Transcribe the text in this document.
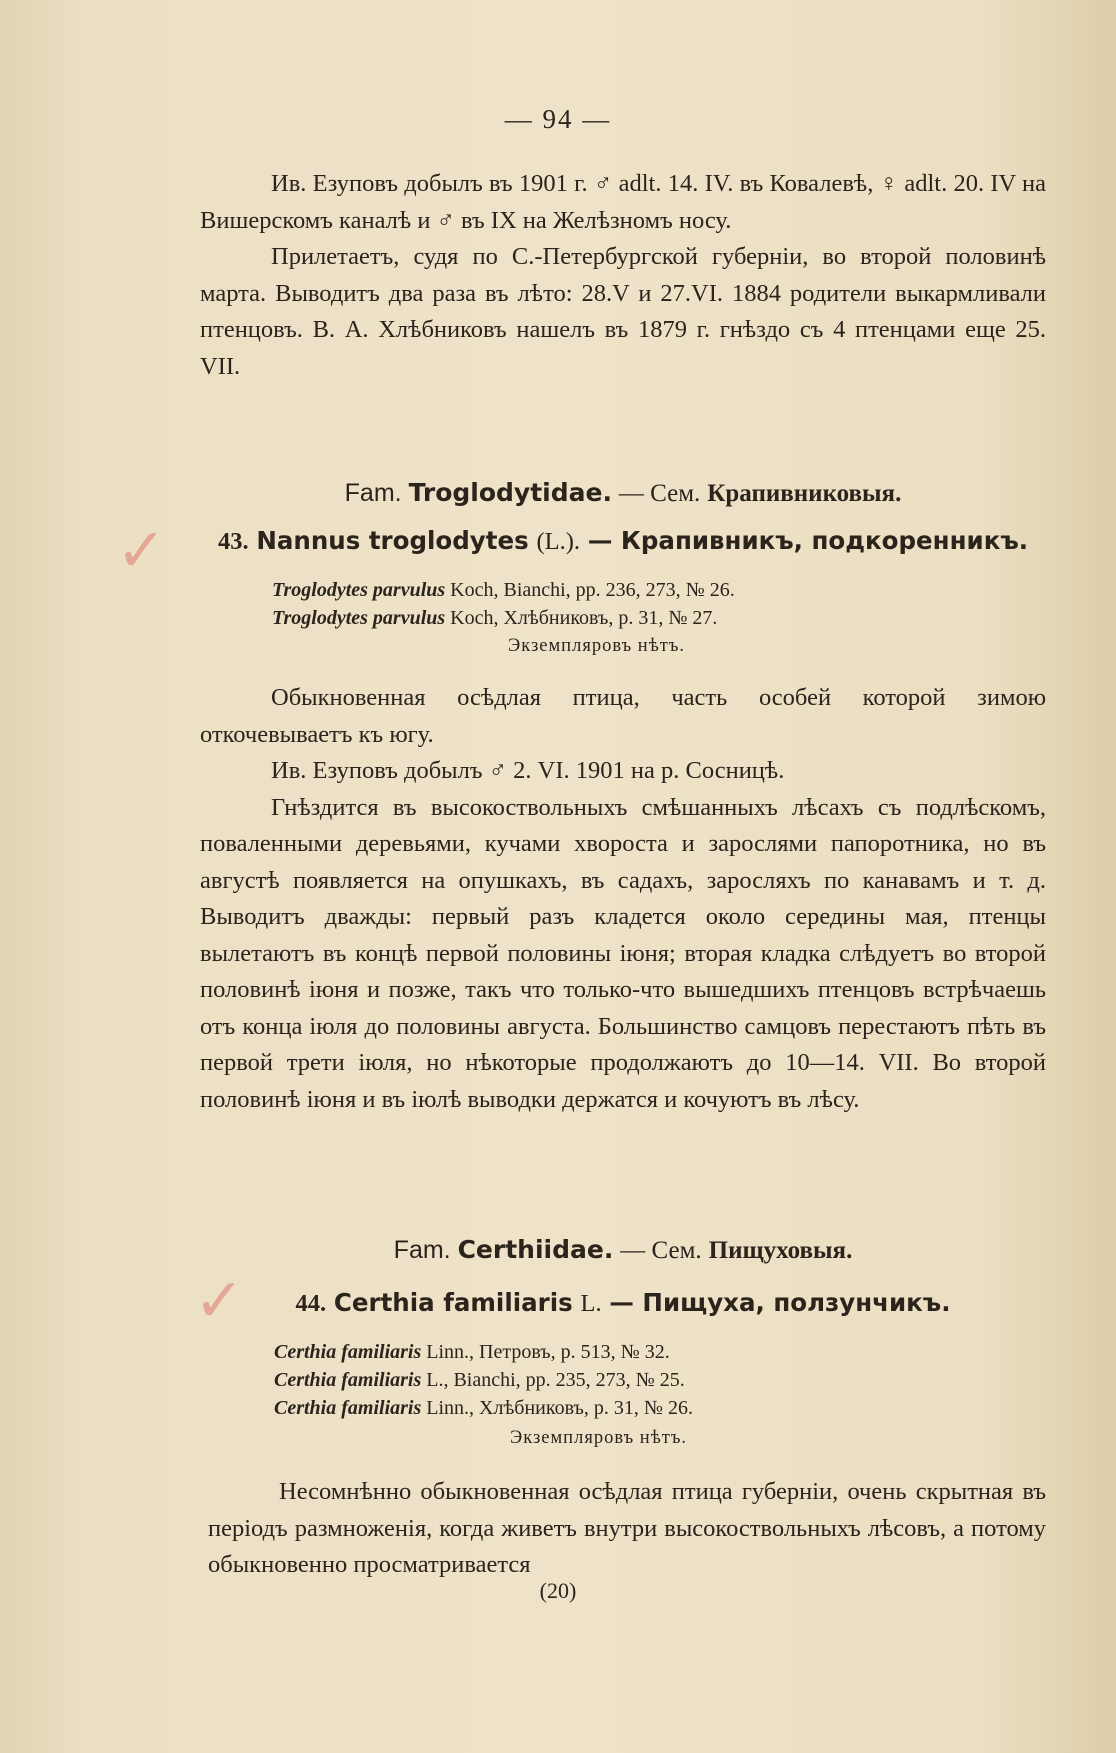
— 94 —

Ив. Езуповъ добылъ въ 1901 г. ♂ adlt. 14. IV. въ Ковалевѣ, ♀ adlt. 20. IV на Вишерскомъ каналѣ и ♂ въ IX на Желѣзномъ носу.

Прилетаетъ, судя по С.-Петербургской губерніи, во второй половинѣ марта. Выводитъ два раза въ лѣто: 28.V и 27.VI. 1884 родители выкармливали птенцовъ. В. А. Хлѣбниковъ нашелъ въ 1879 г. гнѣздо съ 4 птенцами еще 25. VII.

Fam. Troglodytidae. — Сем. Крапивниковыя.
✓	43. Nannus troglodytes (L.). — Крапивникъ, подкоренникъ.
Troglodytes parvulus Koch, Bianchi, pp. 236, 273, № 26.
Troglodytes parvulus Koch, Хлѣбниковъ, p. 31, № 27.
Экземпляровъ нѣтъ.

Обыкновенная осѣдлая птица, часть особей которой зимою откочевываетъ къ югу.

Ив. Езуповъ добылъ ♂ 2. VI. 1901 на р. Сосницѣ.

Гнѣздится въ высокоствольныхъ смѣшанныхъ лѣсахъ съ подлѣскомъ, поваленными деревьями, кучами хвороста и зарослями папоротника, но въ августѣ появляется на опушкахъ, въ садахъ, заросляхъ по канавамъ и т. д. Выводитъ дважды: первый разъ кладется около середины мая, птенцы вылетаютъ въ концѣ первой половины іюня; вторая кладка слѣдуетъ во второй половинѣ іюня и позже, такъ что только-что вышедшихъ птенцовъ встрѣчаешь отъ конца іюля до половины августа. Большинство самцовъ перестаютъ пѣть въ первой трети іюля, но нѣкоторые продолжаютъ до 10—14. VII. Во второй половинѣ іюня и въ іюлѣ выводки держатся и кочуютъ въ лѣсу.

Fam. Certhiidae. — Сем. Пищуховыя.
✓	44. Certhia familiaris L. — Пищуха, ползунчикъ.
Certhia familiaris Linn., Петровъ, p. 513, № 32.
Certhia familiaris L., Bianchi, pp. 235, 273, № 25.
Certhia familiaris Linn., Хлѣбниковъ, p. 31, № 26.
Экземпляровъ нѣтъ.

Несомнѣнно обыкновенная осѣдлая птица губерніи, очень скрытная въ періодъ размноженія, когда живетъ внутри высокоствольныхъ лѣсовъ, а потому обыкновенно просматривается

(20)
